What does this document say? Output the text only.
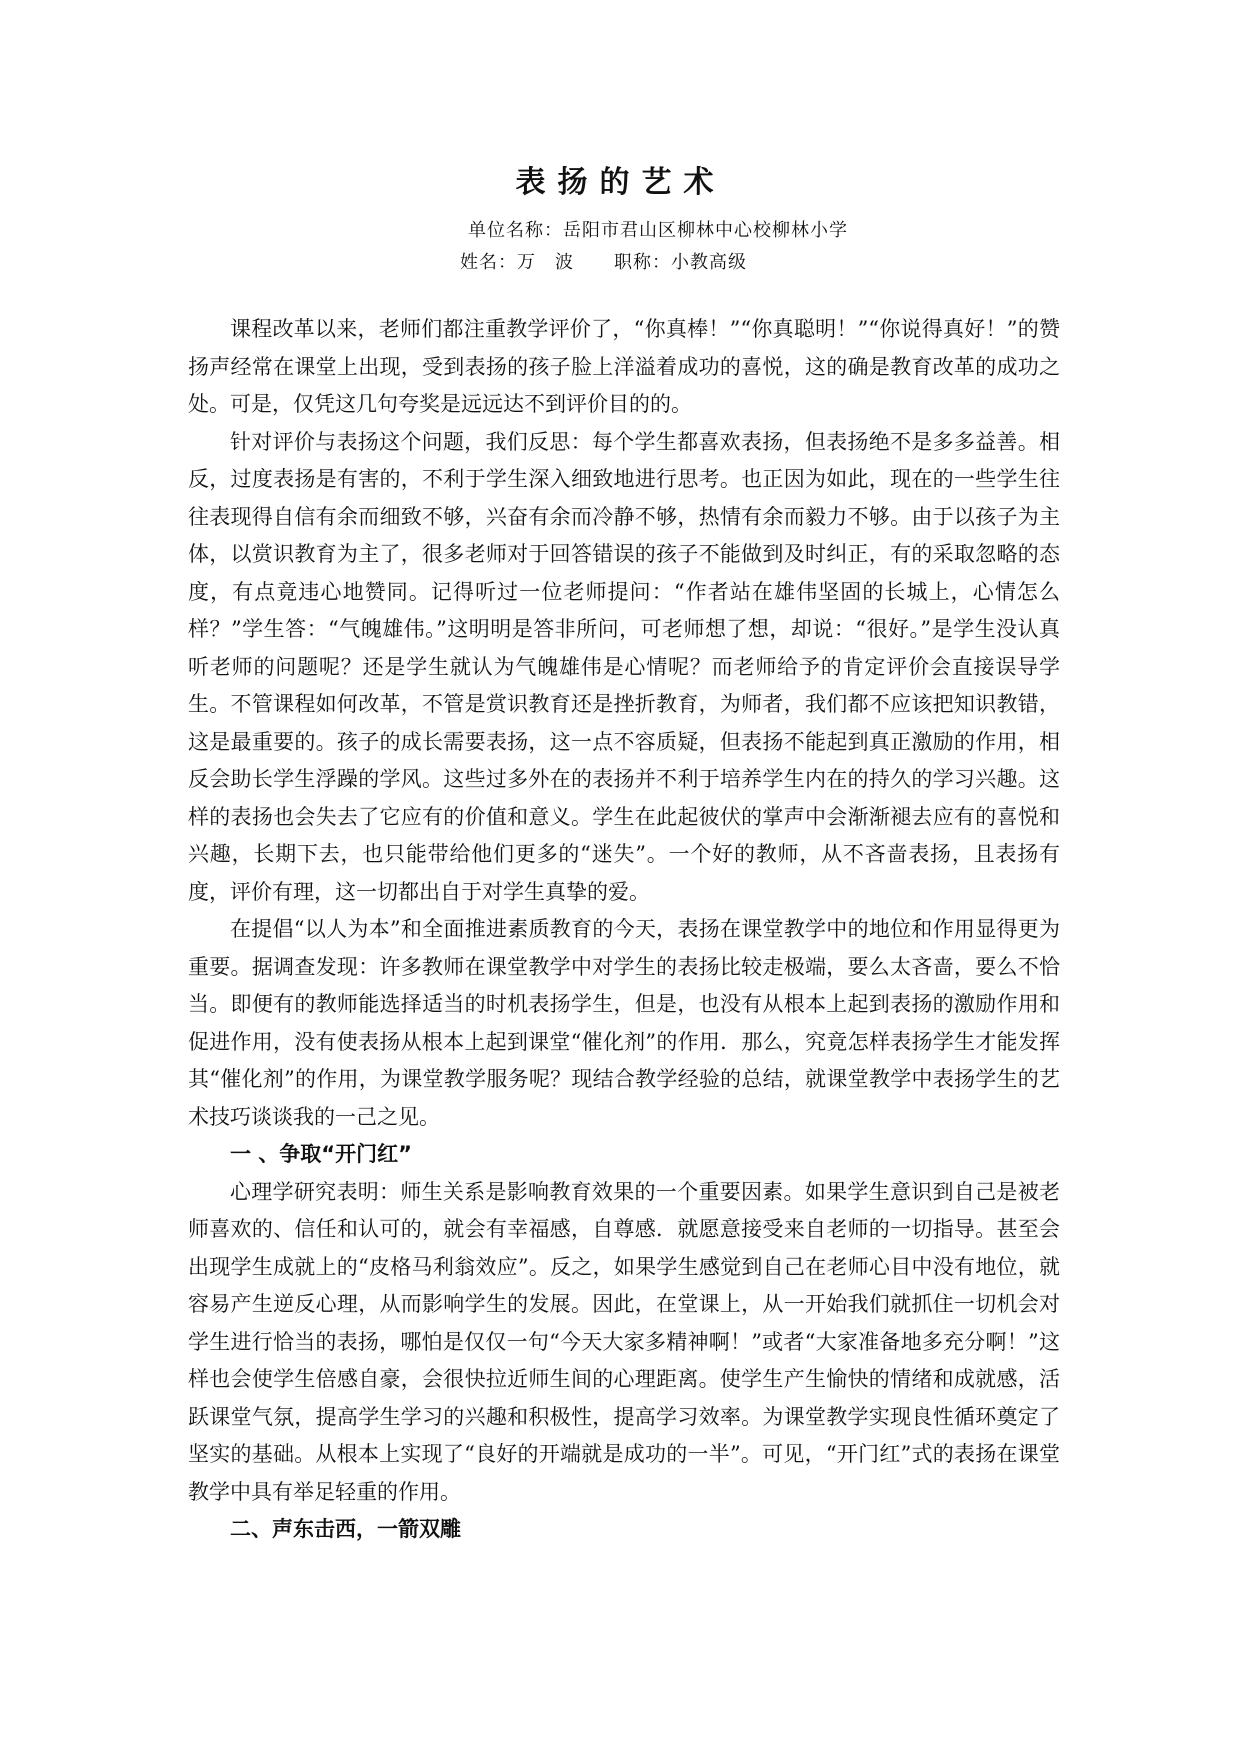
表扬的艺术
单位名称：岳阳市君山区柳林中心校柳林小学
姓名：万　波 职称：小教高级

课程改革以来，老师们都注重教学评价了，“你真棒！”“你真聪明！”“你说得真好！”的赞扬声经常在课堂上出现，受到表扬的孩子脸上洋溢着成功的喜悦，这的确是教育改革的成功之处。可是，仅凭这几句夸奖是远远达不到评价目的的。

针对评价与表扬这个问题，我们反思：每个学生都喜欢表扬，但表扬绝不是多多益善。相反，过度表扬是有害的，不利于学生深入细致地进行思考。也正因为如此，现在的一些学生往往表现得自信有余而细致不够，兴奋有余而冷静不够，热情有余而毅力不够。由于以孩子为主体，以赏识教育为主了，很多老师对于回答错误的孩子不能做到及时纠正，有的采取忽略的态度，有点竟违心地赞同。记得听过一位老师提问：“作者站在雄伟坚固的长城上，心情怎么样？”学生答：“气魄雄伟。”这明明是答非所问，可老师想了想，却说：“很好。”是学生没认真听老师的问题呢？还是学生就认为气魄雄伟是心情呢？而老师给予的肯定评价会直接误导学生。不管课程如何改革，不管是赏识教育还是挫折教育，为师者，我们都不应该把知识教错，这是最重要的。孩子的成长需要表扬，这一点不容质疑，但表扬不能起到真正激励的作用，相反会助长学生浮躁的学风。这些过多外在的表扬并不利于培养学生内在的持久的学习兴趣。这样的表扬也会失去了它应有的价值和意义。学生在此起彼伏的掌声中会渐渐褪去应有的喜悦和兴趣，长期下去，也只能带给他们更多的“迷失”。一个好的教师，从不吝啬表扬，且表扬有度，评价有理，这一切都出自于对学生真挚的爱。

在提倡“以人为本”和全面推进素质教育的今天，表扬在课堂教学中的地位和作用显得更为重要。据调查发现：许多教师在课堂教学中对学生的表扬比较走极端，要么太吝啬，要么不恰当。即便有的教师能选择适当的时机表扬学生，但是，也没有从根本上起到表扬的激励作用和促进作用，没有使表扬从根本上起到课堂“催化剂”的作用．那么，究竟怎样表扬学生才能发挥其“催化剂”的作用，为课堂教学服务呢？现结合教学经验的总结，就课堂教学中表扬学生的艺术技巧谈谈我的一己之见。

一 、争取“开门红”

心理学研究表明：师生关系是影响教育效果的一个重要因素。如果学生意识到自己是被老师喜欢的、信任和认可的，就会有幸福感，自尊感．就愿意接受来自老师的一切指导。甚至会出现学生成就上的“皮格马利翁效应”。反之，如果学生感觉到自己在老师心目中没有地位，就容易产生逆反心理，从而影响学生的发展。因此，在堂课上，从一开始我们就抓住一切机会对学生进行恰当的表扬，哪怕是仅仅一句“今天大家多精神啊！”或者“大家准备地多充分啊！”这样也会使学生倍感自豪，会很快拉近师生间的心理距离。使学生产生愉快的情绪和成就感，活跃课堂气氛，提高学生学习的兴趣和积极性，提高学习效率。为课堂教学实现良性循环奠定了坚实的基础。从根本上实现了“良好的开端就是成功的一半”。可见，“开门红”式的表扬在课堂教学中具有举足轻重的作用。

二、声东击西，一箭双雕
